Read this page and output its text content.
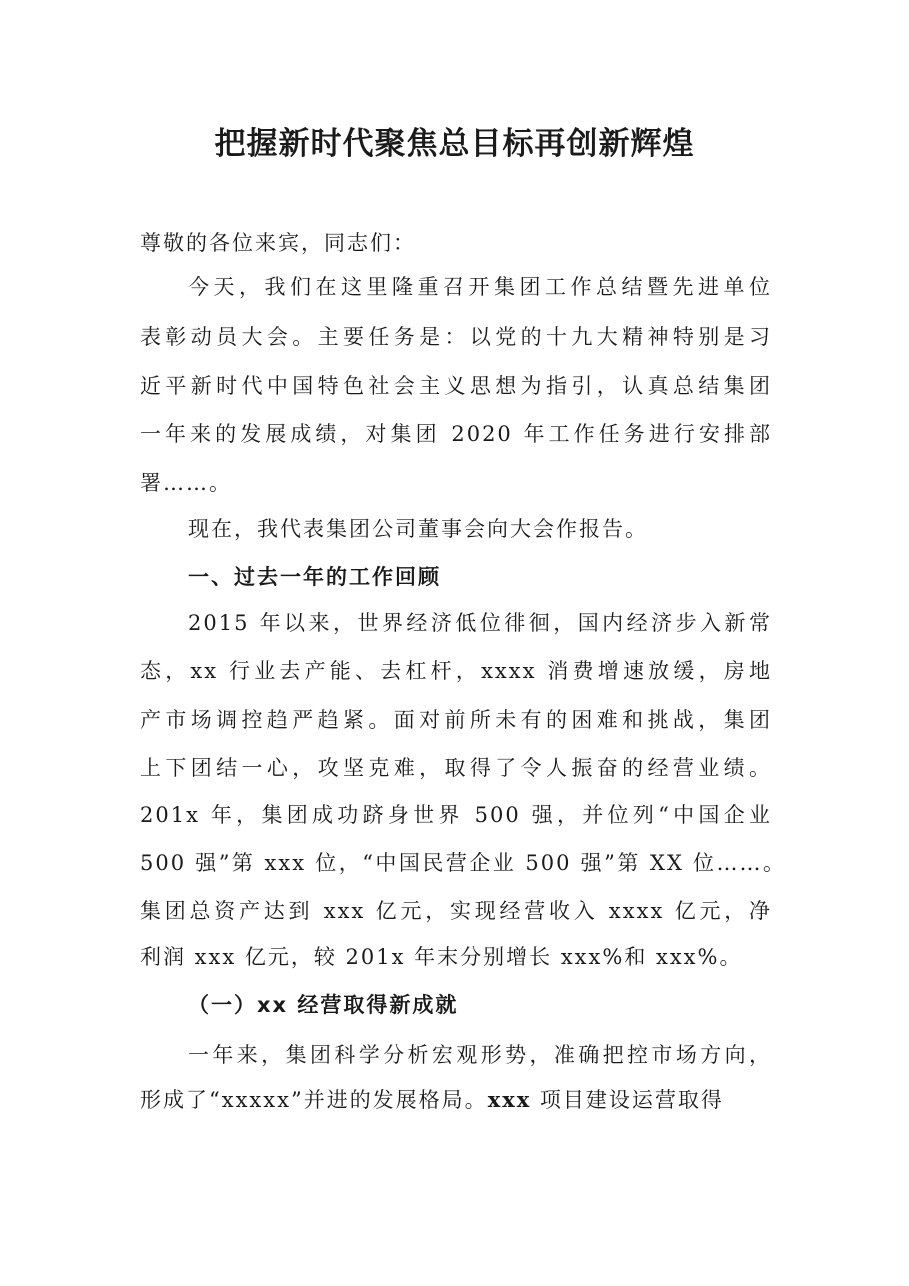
把握新时代聚焦总目标再创新辉煌
尊敬的各位来宾，同志们：
今天，我们在这里隆重召开集团工作总结暨先进单位
表彰动员大会。主要任务是：以党的十九大精神特别是习
近平新时代中国特色社会主义思想为指引，认真总结集团
一年来的发展成绩，对集团 2020 年工作任务进行安排部
署……。
现在，我代表集团公司董事会向大会作报告。
一、过去一年的工作回顾
2015 年以来，世界经济低位徘徊，国内经济步入新常
态，xx 行业去产能、去杠杆，xxxx 消费增速放缓，房地
产市场调控趋严趋紧。面对前所未有的困难和挑战，集团
上下团结一心，攻坚克难，取得了令人振奋的经营业绩。
201x 年，集团成功跻身世界 500 强，并位列“中国企业
500 强”第 xxx 位，“中国民营企业 500 强”第 XX 位……。
集团总资产达到 xxx 亿元，实现经营收入 xxxx 亿元，净
利润 xxx 亿元，较 201x 年末分别增长 xxx%和 xxx%。
（一）xx 经营取得新成就
一年来，集团科学分析宏观形势，准确把控市场方向，
形成了“xxxxx”并进的发展格局。xxx 项目建设运营取得
